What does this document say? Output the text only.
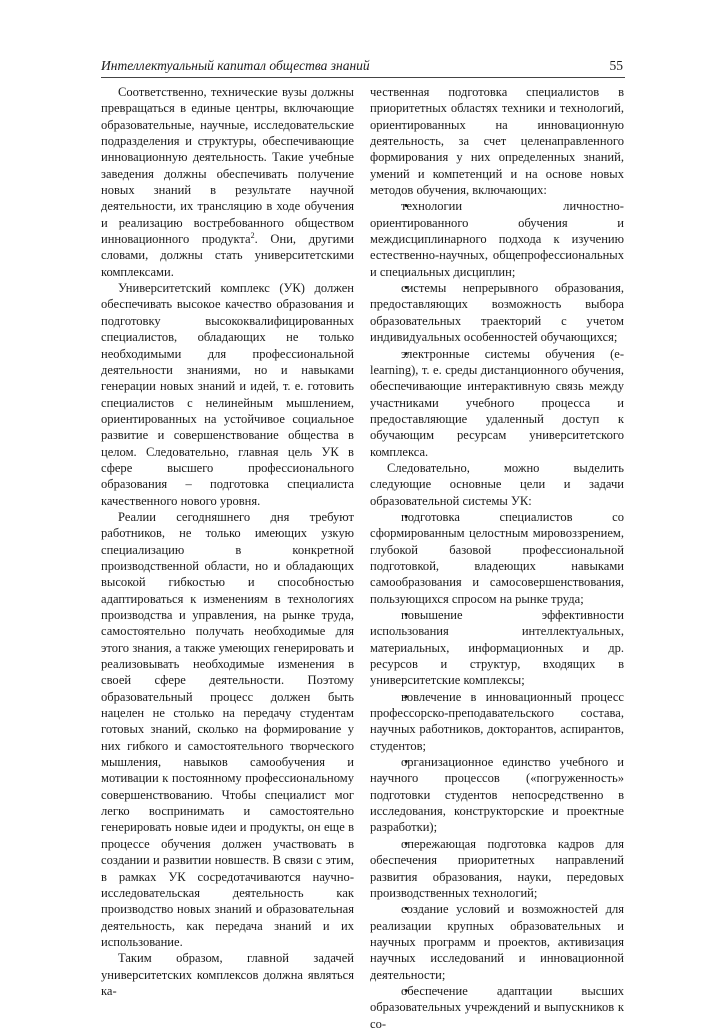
Интеллектуальный капитал общества знаний	55

Соответственно, технические вузы должны превращаться в единые центры, включающие образовательные, научные, исследовательские подразделения и структуры, обеспечивающие инновационную деятельность. Такие учебные заведения должны обеспечивать получение новых знаний в результате научной деятельности, их трансляцию в ходе обучения и реализацию востребованного обществом инновационного продукта$^2$. Они, другими словами, должны стать университетскими комплексами.

Университетский комплекс (УК) должен обеспечивать высокое качество образования и подготовку высококвалифицированных специалистов, обладающих не только необходимыми для профессиональной деятельности знаниями, но и навыками генерации новых знаний и идей, т. е. готовить специалистов с нелинейным мышлением, ориентированных на устойчивое социальное развитие и совершенствование общества в целом. Следовательно, главная цель УК в сфере высшего профессионального образования – подготовка специалиста качественного нового уровня.

Реалии сегодняшнего дня требуют работников, не только имеющих узкую специализацию в конкретной производственной области, но и обладающих высокой гибкостью и способностью адаптироваться к изменениям в технологиях производства и управления, на рынке труда, самостоятельно получать необходимые для этого знания, а также умеющих генерировать и реализовывать необходимые изменения в своей сфере деятельности. Поэтому образовательный процесс должен быть нацелен не столько на передачу студентам готовых знаний, сколько на формирование у них гибкого и самостоятельного творческого мышления, навыков самообучения и мотивации к постоянному профессиональному совершенствованию. Чтобы специалист мог легко воспринимать и самостоятельно генерировать новые идеи и продукты, он еще в процессе обучения должен участвовать в создании и развитии новшеств. В связи с этим, в рамках УК сосредотачиваются научно-исследовательская деятельность как производство новых знаний и образовательная деятельность, как передача знаний и их использование.

Таким образом, главной задачей университетских комплексов должна являться ка-

чественная подготовка специалистов в приоритетных областях техники и технологий, ориентированных на инновационную деятельность, за счет целенаправленного формирования у них определенных знаний, умений и компетенций и на основе новых методов обучения, включающих:

• технологии личностно-ориентированного обучения и междисциплинарного подхода к изучению естественно-научных, общепрофессиональных и специальных дисциплин;

• системы непрерывного образования, предоставляющих возможность выбора образовательных траекторий с учетом индивидуальных особенностей обучающихся;

• электронные системы обучения (e-learning), т. е. среды дистанционного обучения, обеспечивающие интерактивную связь между участниками учебного процесса и предоставляющие удаленный доступ к обучающим ресурсам университетского комплекса.

Следовательно, можно выделить следующие основные цели и задачи образовательной системы УК:

• подготовка специалистов со сформированным целостным мировоззрением, глубокой базовой профессиональной подготовкой, владеющих навыками самообразования и самосовершенствования, пользующихся спросом на рынке труда;

• повышение эффективности использования интеллектуальных, материальных, информационных и др. ресурсов и структур, входящих в университетские комплексы;

• вовлечение в инновационный процесс профессорско-преподавательского состава, научных работников, докторантов, аспирантов, студентов;

• организационное единство учебного и научного процессов («погруженность» подготовки студентов непосредственно в исследования, конструкторские и проектные разработки);

• опережающая подготовка кадров для обеспечения приоритетных направлений развития образования, науки, передовых производственных технологий;

• создание условий и возможностей для реализации крупных образовательных и научных программ и проектов, активизация научных исследований и инновационной деятельности;

• обеспечение адаптации высших образовательных учреждений и выпускников к со-
